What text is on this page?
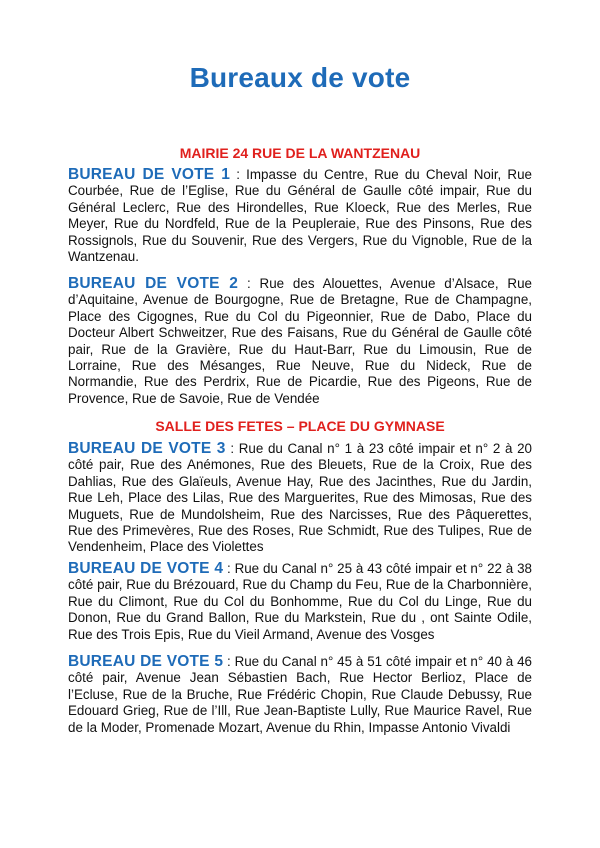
Bureaux de vote
MAIRIE 24 RUE DE LA WANTZENAU
BUREAU DE VOTE 1 : Impasse du Centre, Rue du Cheval Noir, Rue Courbée, Rue de l’Eglise, Rue du Général de Gaulle côté impair, Rue du Général Leclerc, Rue des Hirondelles, Rue Kloeck, Rue des Merles, Rue Meyer, Rue du Nordfeld, Rue de la Peupleraie, Rue des Pinsons, Rue des Rossignols, Rue du Souvenir, Rue des Vergers, Rue du Vignoble, Rue de la Wantzenau.
BUREAU DE VOTE 2 : Rue des Alouettes, Avenue d’Alsace, Rue d’Aquitaine, Avenue de Bourgogne, Rue de Bretagne, Rue de Champagne, Place des Cigognes, Rue du Col du Pigeonnier, Rue de Dabo, Place du Docteur Albert Schweitzer, Rue des Faisans, Rue du Général de Gaulle côté pair, Rue de la Gravière, Rue du Haut-Barr, Rue du Limousin, Rue de Lorraine, Rue des Mésanges, Rue Neuve, Rue du Nideck, Rue de Normandie, Rue des Perdrix, Rue de Picardie, Rue des Pigeons, Rue de Provence, Rue de Savoie, Rue de Vendée
SALLE DES FETES – PLACE DU GYMNASE
BUREAU DE VOTE 3 : Rue du Canal n° 1 à 23 côté impair et n° 2 à 20 côté pair, Rue des Anémones, Rue des Bleuets, Rue de la Croix, Rue des Dahlias, Rue des Glaïeuls, Avenue Hay, Rue des Jacinthes, Rue du Jardin, Rue Leh, Place des Lilas, Rue des Marguerites, Rue des Mimosas, Rue des Muguets, Rue de Mundolsheim, Rue des Narcisses, Rue des Pâquerettes, Rue des Primevères, Rue des Roses, Rue Schmidt, Rue des Tulipes, Rue de Vendenheim, Place des Violettes
BUREAU DE VOTE 4 : Rue du Canal n° 25 à 43 côté impair et n° 22 à 38 côté pair, Rue du Brézouard, Rue du Champ du Feu, Rue de la Charbonnière, Rue du Climont, Rue du Col du Bonhomme, Rue du Col du Linge, Rue du Donon, Rue du Grand Ballon, Rue du Markstein, Rue du , ont Sainte Odile, Rue des Trois Epis, Rue du Vieil Armand, Avenue des Vosges
BUREAU DE VOTE 5 : Rue du Canal n° 45 à 51 côté impair et n° 40 à 46 côté pair, Avenue Jean Sébastien Bach, Rue Hector Berlioz, Place de l’Ecluse, Rue de la Bruche, Rue Frédéric Chopin, Rue Claude Debussy, Rue Edouard Grieg, Rue de l’Ill, Rue Jean-Baptiste Lully, Rue Maurice Ravel, Rue de la Moder, Promenade Mozart, Avenue du Rhin, Impasse Antonio Vivaldi
